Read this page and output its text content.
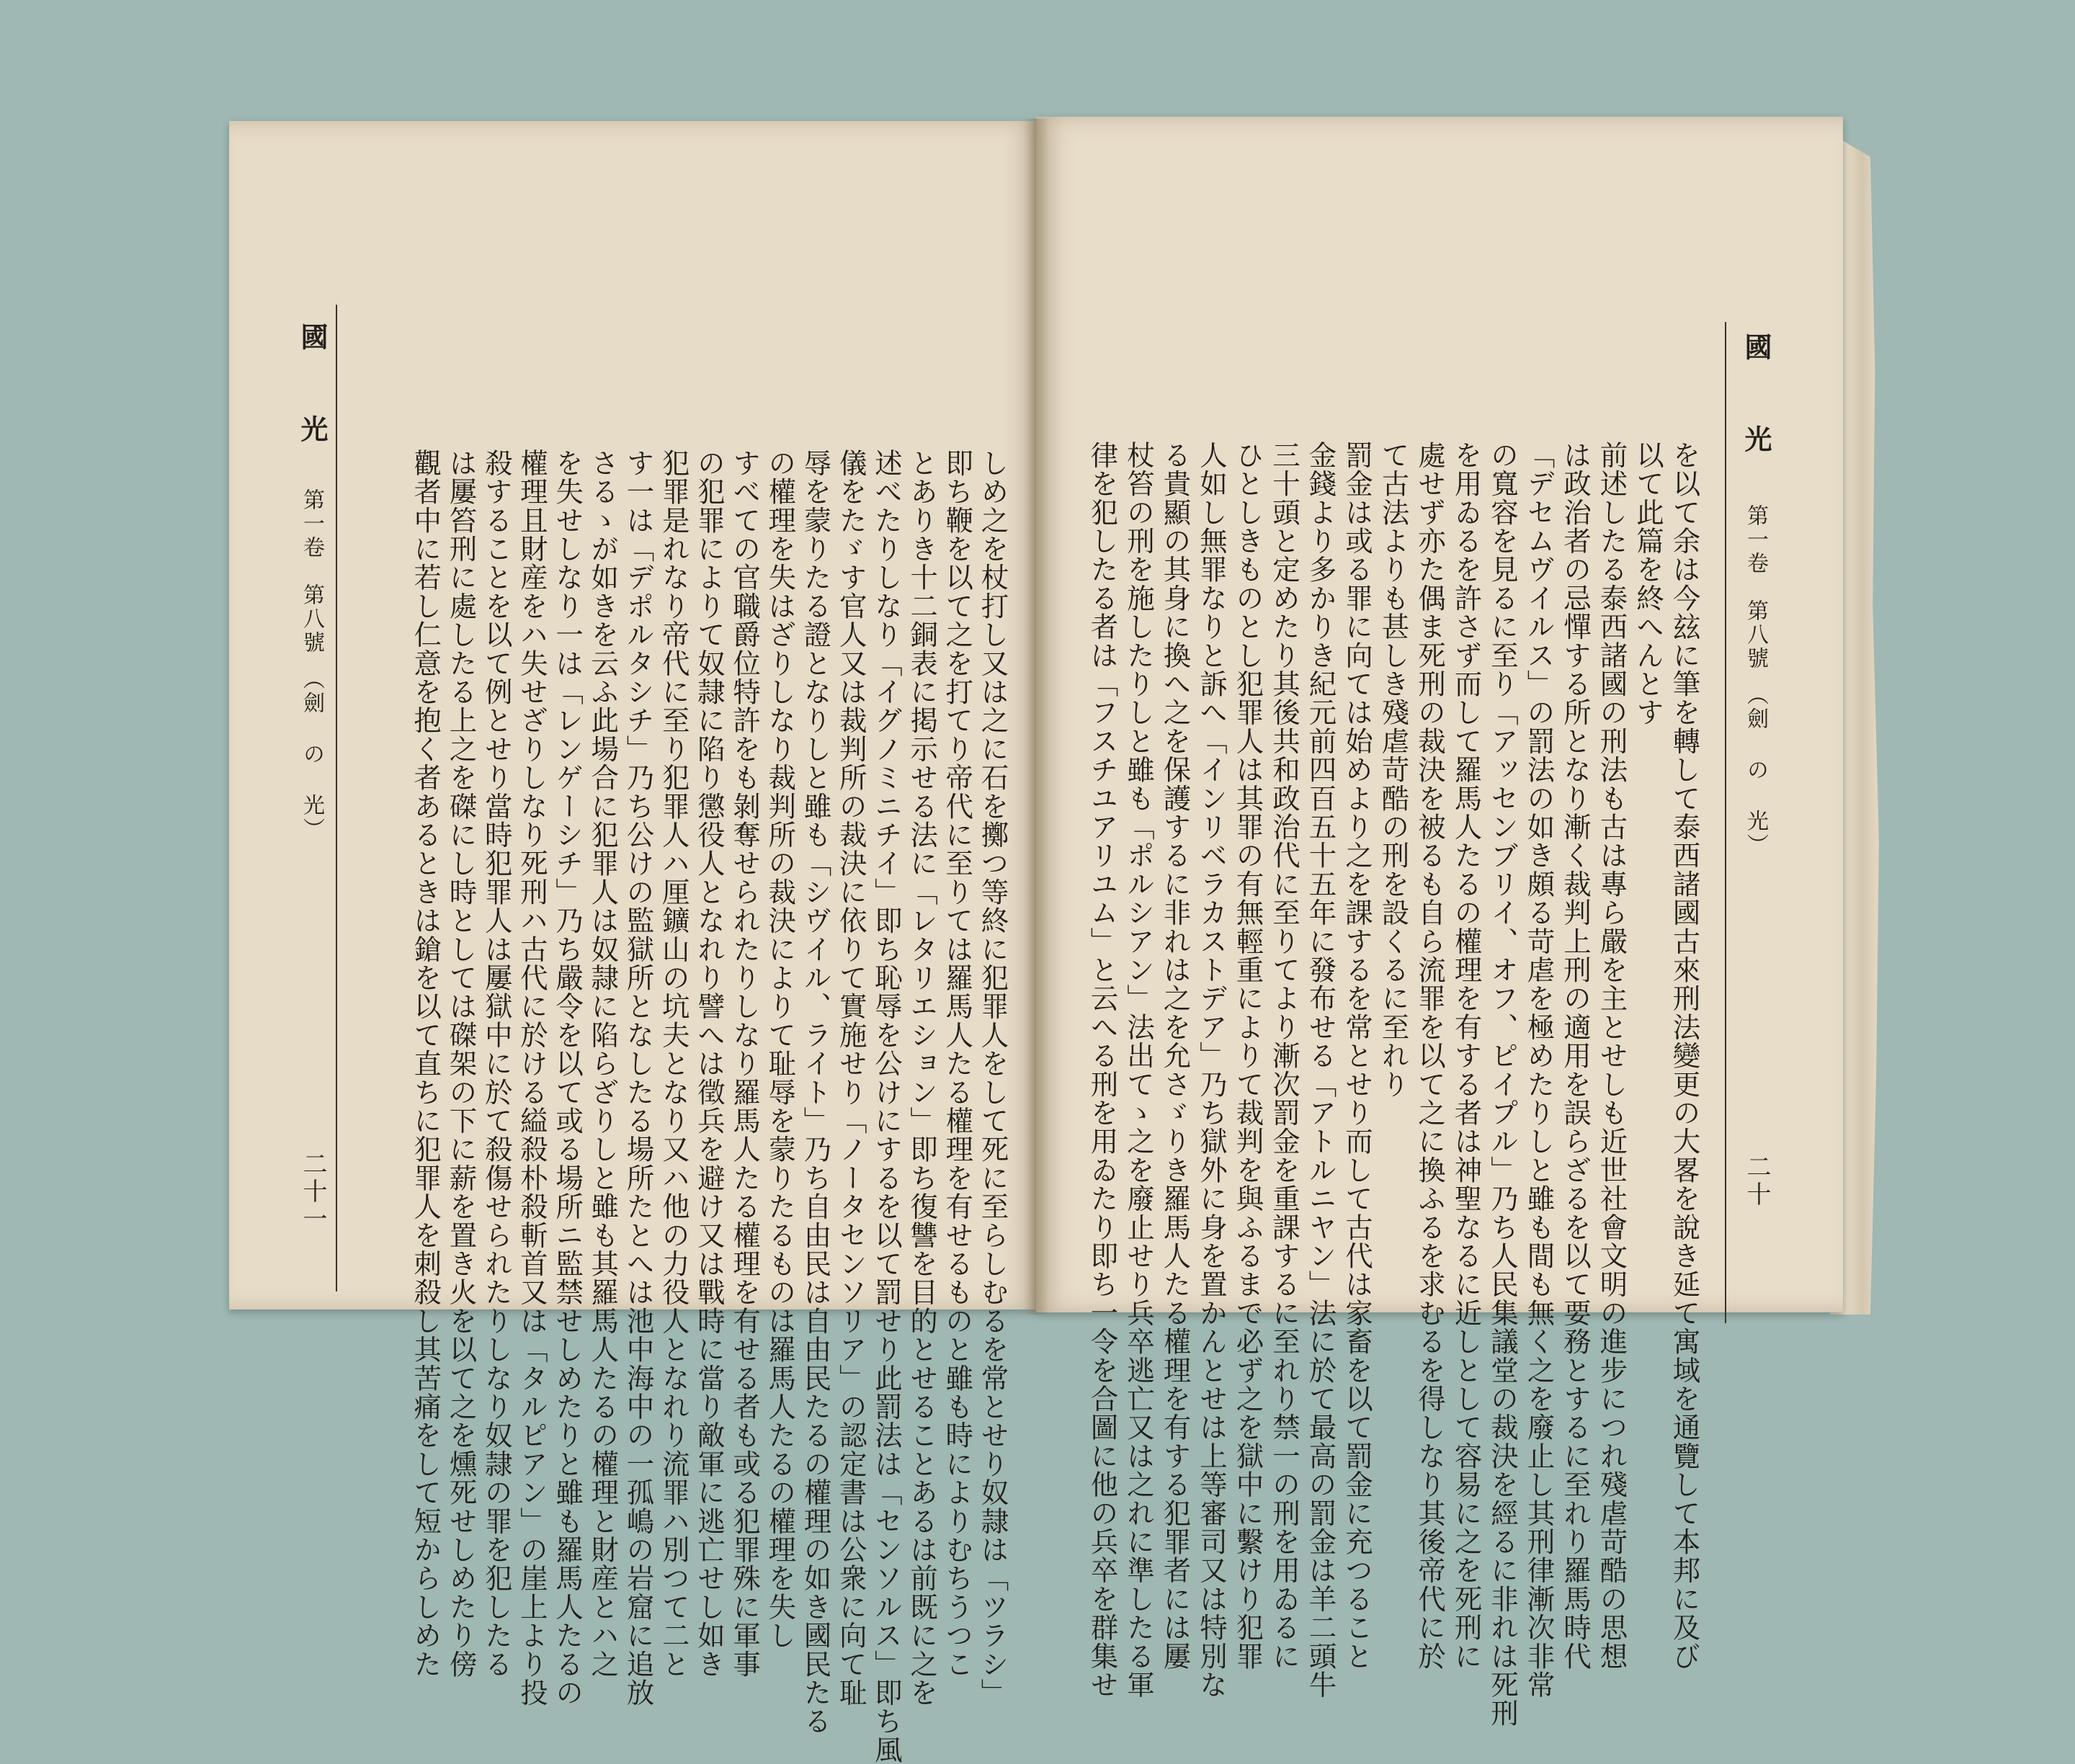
國　光
第一卷　第八號　（劍 の 光）
二十一	しめ之を杖打し又は之に石を擲つ等終に犯罪人をして死に至らしむるを常とせり奴隷は「ツラシ」
即ち鞭を以て之を打てり帝代に至りては羅馬人たる權理を有せるものと雖も時によりむちうつこ
とありき十二銅表に掲示せる法に「レタリエション」即ち復讐を目的とせることあるは前既に之を
述べたりしなり「イグノミニチイ」即ち恥辱を公けにするを以て罰せり此罰法は「センソルス」即ち風
儀をたゞす官人又は裁判所の裁決に依りて實施せり「ノータセンソリア」の認定書は公衆に向て耻
辱を蒙りたる證となりしと雖も「シヴイル、ライト」乃ち自由民は自由民たるの權理の如き國民たる
の權理を失はざりしなり裁判所の裁決によりて耻辱を蒙りたるものは羅馬人たるの權理を失し
すべての官職爵位特許をも剝奪せられたりしなり羅馬人たる權理を有せる者も或る犯罪殊に軍事
の犯罪によりて奴隷に陷り懲役人となれり譬へは徵兵を避け又は戰時に當り敵軍に逃亡せし如き
犯罪是れなり帝代に至り犯罪人ハ厘鑛山の坑夫となり又ハ他の力役人となれり流罪ハ別つて二と
す一は「デポルタシチ」乃ち公けの監獄所となしたる場所たとへは池中海中の一孤嶋の岩窟に追放
さるゝが如きを云ふ此場合に犯罪人は奴隷に陷らざりしと雖も其羅馬人たるの權理と財産とハ之
を失せしなり一は「レンゲーシチ」乃ち嚴令を以て或る場所ニ監禁せしめたりと雖も羅馬人たるの
權理且財産をハ失せざりしなり死刑ハ古代に於ける縊殺朴殺斬首又は「タルピアン」の崖上より投
殺することを以て例とせり當時犯罪人は屢獄中に於て殺傷せられたりしなり奴隷の罪を犯したる
は屢笞刑に處したる上之を磔にし時としては磔架の下に薪を置き火を以て之を燻死せしめたり傍
觀者中に若し仁意を抱く者あるときは鎗を以て直ちに犯罪人を刺殺し其苦痛をして短からしめた
國　光
第一卷　第八號　（劍 の 光）
二十
を以て余は今玆に筆を轉して泰西諸國古來刑法變更の大畧を說き延て寓域を通覽して本邦に及び
以て此篇を終へんとす
前述したる泰西諸國の刑法も古は專ら嚴を主とせしも近世社會文明の進步につれ殘虐苛酷の思想
は政治者の忌憚する所となり漸く裁判上刑の適用を誤らざるを以て要務とするに至れり羅馬時代
「デセムヴイルス」の罰法の如き頗る苛虐を極めたりしと雖も間も無く之を廢止し其刑律漸次非常
の寬容を見るに至り「アッセンブリイ、オフ、ピイプル」乃ち人民集議堂の裁決を經るに非れは死刑
を用ゐるを許さず而して羅馬人たるの權理を有する者は神聖なるに近しとして容易に之を死刑に
處せず亦た偶ま死刑の裁決を被るも自ら流罪を以て之に換ふるを求むるを得しなり其後帝代に於
て古法よりも甚しき殘虐苛酷の刑を設くるに至れり
罰金は或る罪に向ては始めより之を課するを常とせり而して古代は家畜を以て罰金に充つること
金錢より多かりき紀元前四百五十五年に發布せる「アトルニヤン」法に於て最高の罰金は羊二頭牛
三十頭と定めたり其後共和政治代に至りてより漸次罰金を重課するに至れり禁一の刑を用ゐるに
ひとしきものとし犯罪人は其罪の有無輕重によりて裁判を與ふるまで必ず之を獄中に繫けり犯罪
人如し無罪なりと訴へ「インリベラカストデア」乃ち獄外に身を置かんとせは上等審司又は特別な
る貴顯の其身に換へ之を保護するに非れは之を允さゞりき羅馬人たる權理を有する犯罪者には屢
杖笞の刑を施したりしと雖も「ポルシアン」法出てゝ之を廢止せり兵卒逃亡又は之れに準したる軍
律を犯したる者は「フスチユアリユム」と云へる刑を用ゐたり即ち一令を合圖に他の兵卒を群集せ
